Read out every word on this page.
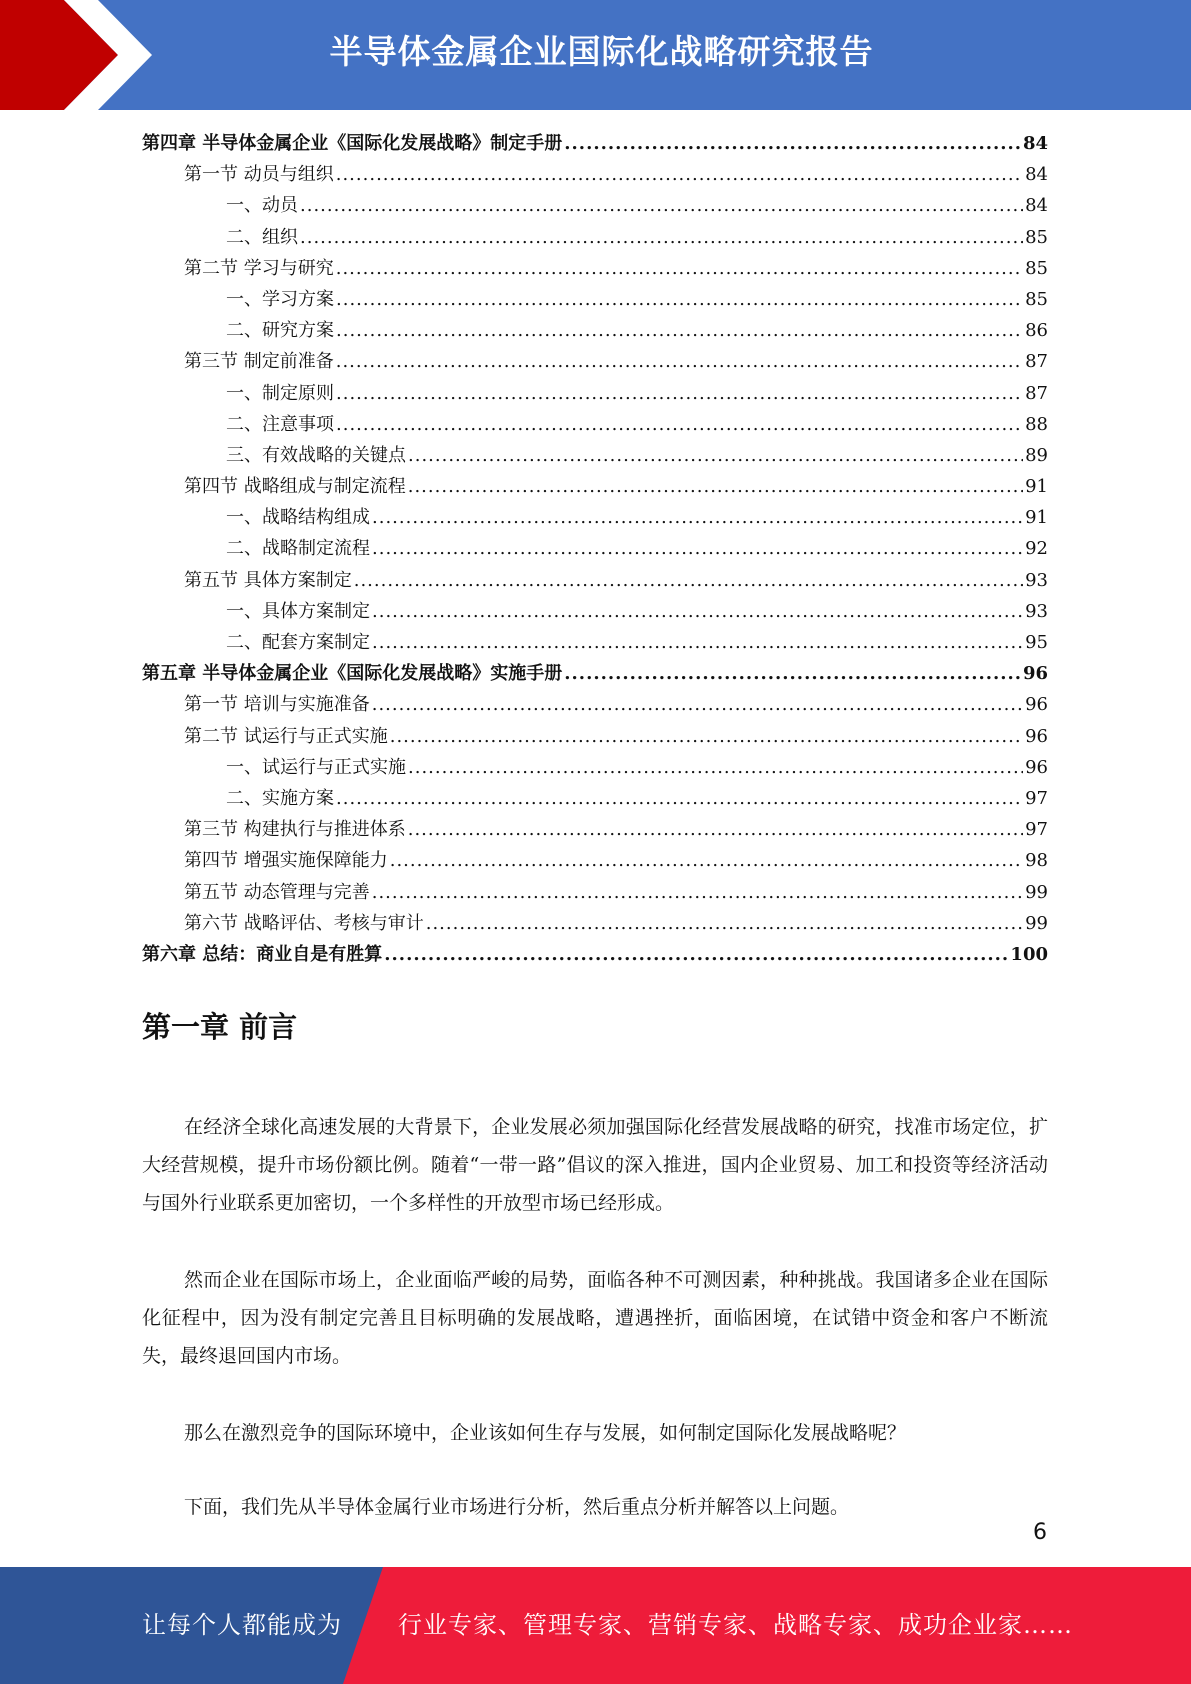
半导体金属企业国际化战略研究报告
第四章 半导体金属企业《国际化发展战略》制定手册 .....	84
第一节 动员与组织 .....	84
一、动员 .....	84
二、组织 .....	85
第二节 学习与研究 .....	85
一、学习方案 .....	85
二、研究方案 .....	86
第三节 制定前准备 .....	87
一、制定原则 .....	87
二、注意事项 .....	88
三、有效战略的关键点 .....	89
第四节 战略组成与制定流程 .....	91
一、战略结构组成 .....	91
二、战略制定流程 .....	92
第五节 具体方案制定 .....	93
一、具体方案制定 .....	93
二、配套方案制定 .....	95
第五章 半导体金属企业《国际化发展战略》实施手册 .....	96
第一节 培训与实施准备 .....	96
第二节 试运行与正式实施 .....	96
一、试运行与正式实施 .....	96
二、实施方案 .....	97
第三节 构建执行与推进体系 .....	97
第四节 增强实施保障能力 .....	98
第五节 动态管理与完善 .....	99
第六节 战略评估、考核与审计 .....	99
第六章 总结：商业自是有胜算 .....	100
第一章 前言

在经济全球化高速发展的大背景下，企业发展必须加强国际化经营发展战略的研究，找准市场定位，扩大经营规模，提升市场份额比例。随着“一带一路”倡议的深入推进，国内企业贸易、加工和投资等经济活动与国外行业联系更加密切，一个多样性的开放型市场已经形成。

然而企业在国际市场上，企业面临严峻的局势，面临各种不可测因素，种种挑战。我国诸多企业在国际化征程中，因为没有制定完善且目标明确的发展战略，遭遇挫折，面临困境，在试错中资金和客户不断流失，最终退回国内市场。

那么在激烈竞争的国际环境中，企业该如何生存与发展，如何制定国际化发展战略呢？

下面，我们先从半导体金属行业市场进行分析，然后重点分析并解答以上问题。

6
让每个人都能成为 行业专家、管理专家、营销专家、战略专家、成功企业家……
